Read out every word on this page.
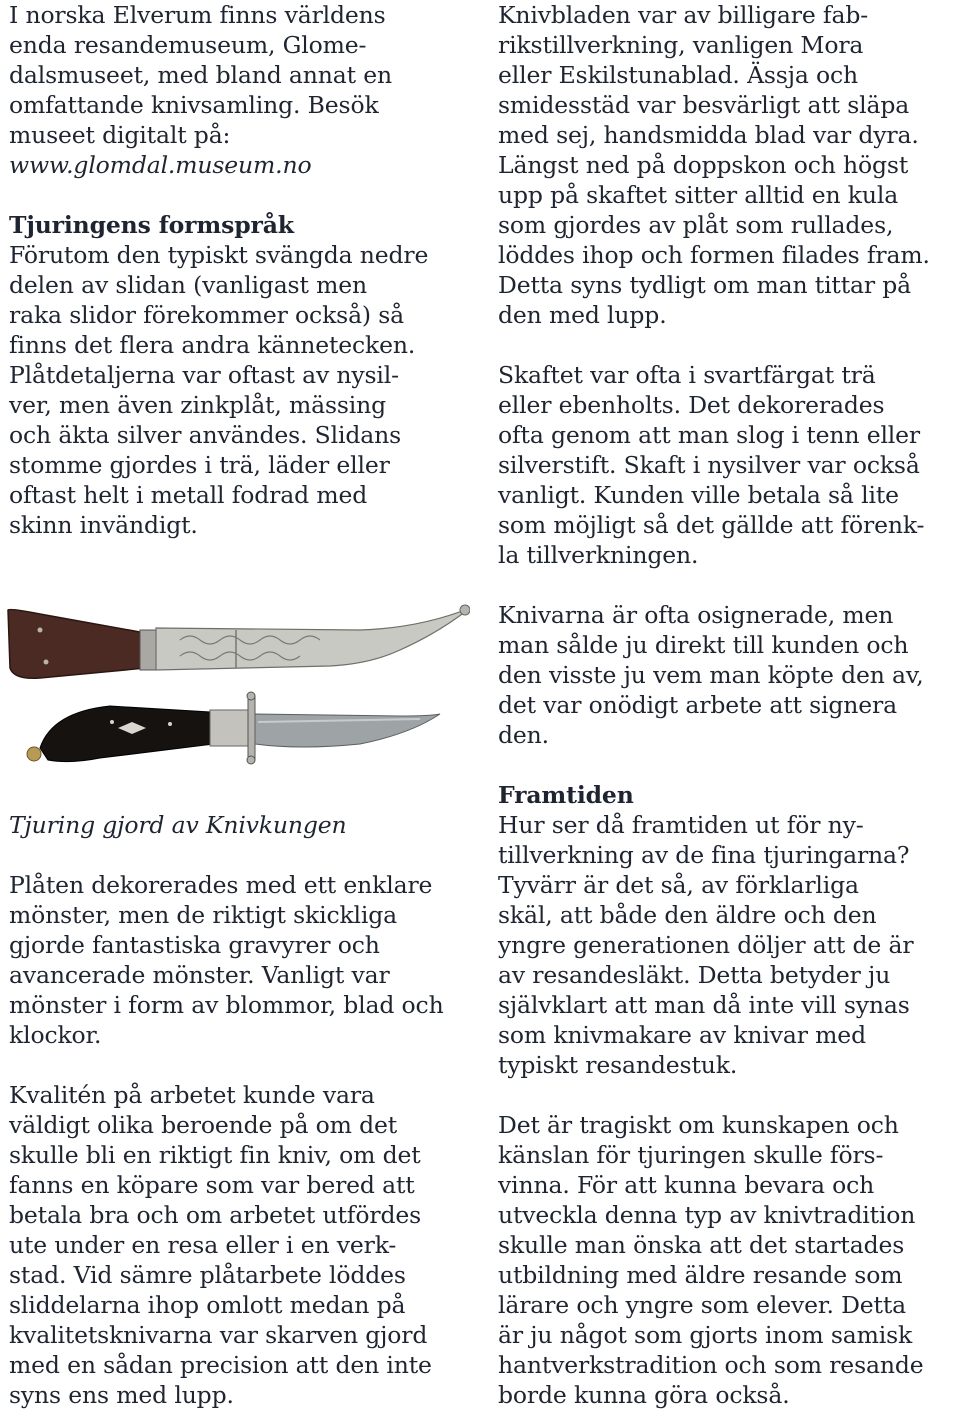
I norska Elverum finns världens
enda resandemuseum, Glome-
dalsmuseet, med bland annat en
omfattande knivsamling. Besök
museet digitalt på:
www.glomdal.museum.no
Tjuringens formspråk
Förutom den typiskt svängda nedre
delen av slidan (vanligast men
raka slidor förekommer också) så
finns det flera andra kännetecken.
Plåtdetaljerna var oftast av nysil-
ver, men även zinkplåt, mässing
och äkta silver användes. Slidans
stomme gjordes i trä, läder eller
oftast helt i metall fodrad med
skinn invändigt.
Tjuring gjord av Knivkungen
Plåten dekorerades med ett enklare
mönster, men de riktigt skickliga
gjorde fantastiska gravyrer och
avancerade mönster. Vanligt var
mönster i form av blommor, blad och
klockor.
Kvalitén på arbetet kunde vara
väldigt olika beroende på om det
skulle bli en riktigt fin kniv, om det
fanns en köpare som var bered att
betala bra och om arbetet utfördes
ute under en resa eller i en verk-
stad. Vid sämre plåtarbete löddes
sliddelarna ihop omlott medan på
kvalitetsknivarna var skarven gjord
med en sådan precision att den inte
syns ens med lupp.
Knivbladen var av billigare fab-
rikstillverkning, vanligen Mora
eller Eskilstunablad. Ässja och
smidesstäd var besvärligt att släpa
med sej, handsmidda blad var dyra.
Längst ned på doppskon och högst
upp på skaftet sitter alltid en kula
som gjordes av plåt som rullades,
löddes ihop och formen filades fram.
Detta syns tydligt om man tittar på
den med lupp.
Skaftet var ofta i svartfärgat trä
eller ebenholts. Det dekorerades
ofta genom att man slog i tenn eller
silverstift. Skaft i nysilver var också
vanligt. Kunden ville betala så lite
som möjligt så det gällde att förenk-
la tillverkningen.
Knivarna är ofta osignerade, men
man sålde ju direkt till kunden och
den visste ju vem man köpte den av,
det var onödigt arbete att signera
den.
Framtiden
Hur ser då framtiden ut för ny-
tillverkning av de fina tjuringarna?
Tyvärr är det så, av förklarliga
skäl, att både den äldre och den
yngre generationen döljer att de är
av resandesläkt. Detta betyder ju
självklart att man då inte vill synas
som knivmakare av knivar med
typiskt resandestuk.
Det är tragiskt om kunskapen och
känslan för tjuringen skulle förs-
vinna. För att kunna bevara och
utveckla denna typ av knivtradition
skulle man önska att det startades
utbildning med äldre resande som
lärare och yngre som elever. Detta
är ju något som gjorts inom samisk
hantverkstradition och som resande
borde kunna göra också.
